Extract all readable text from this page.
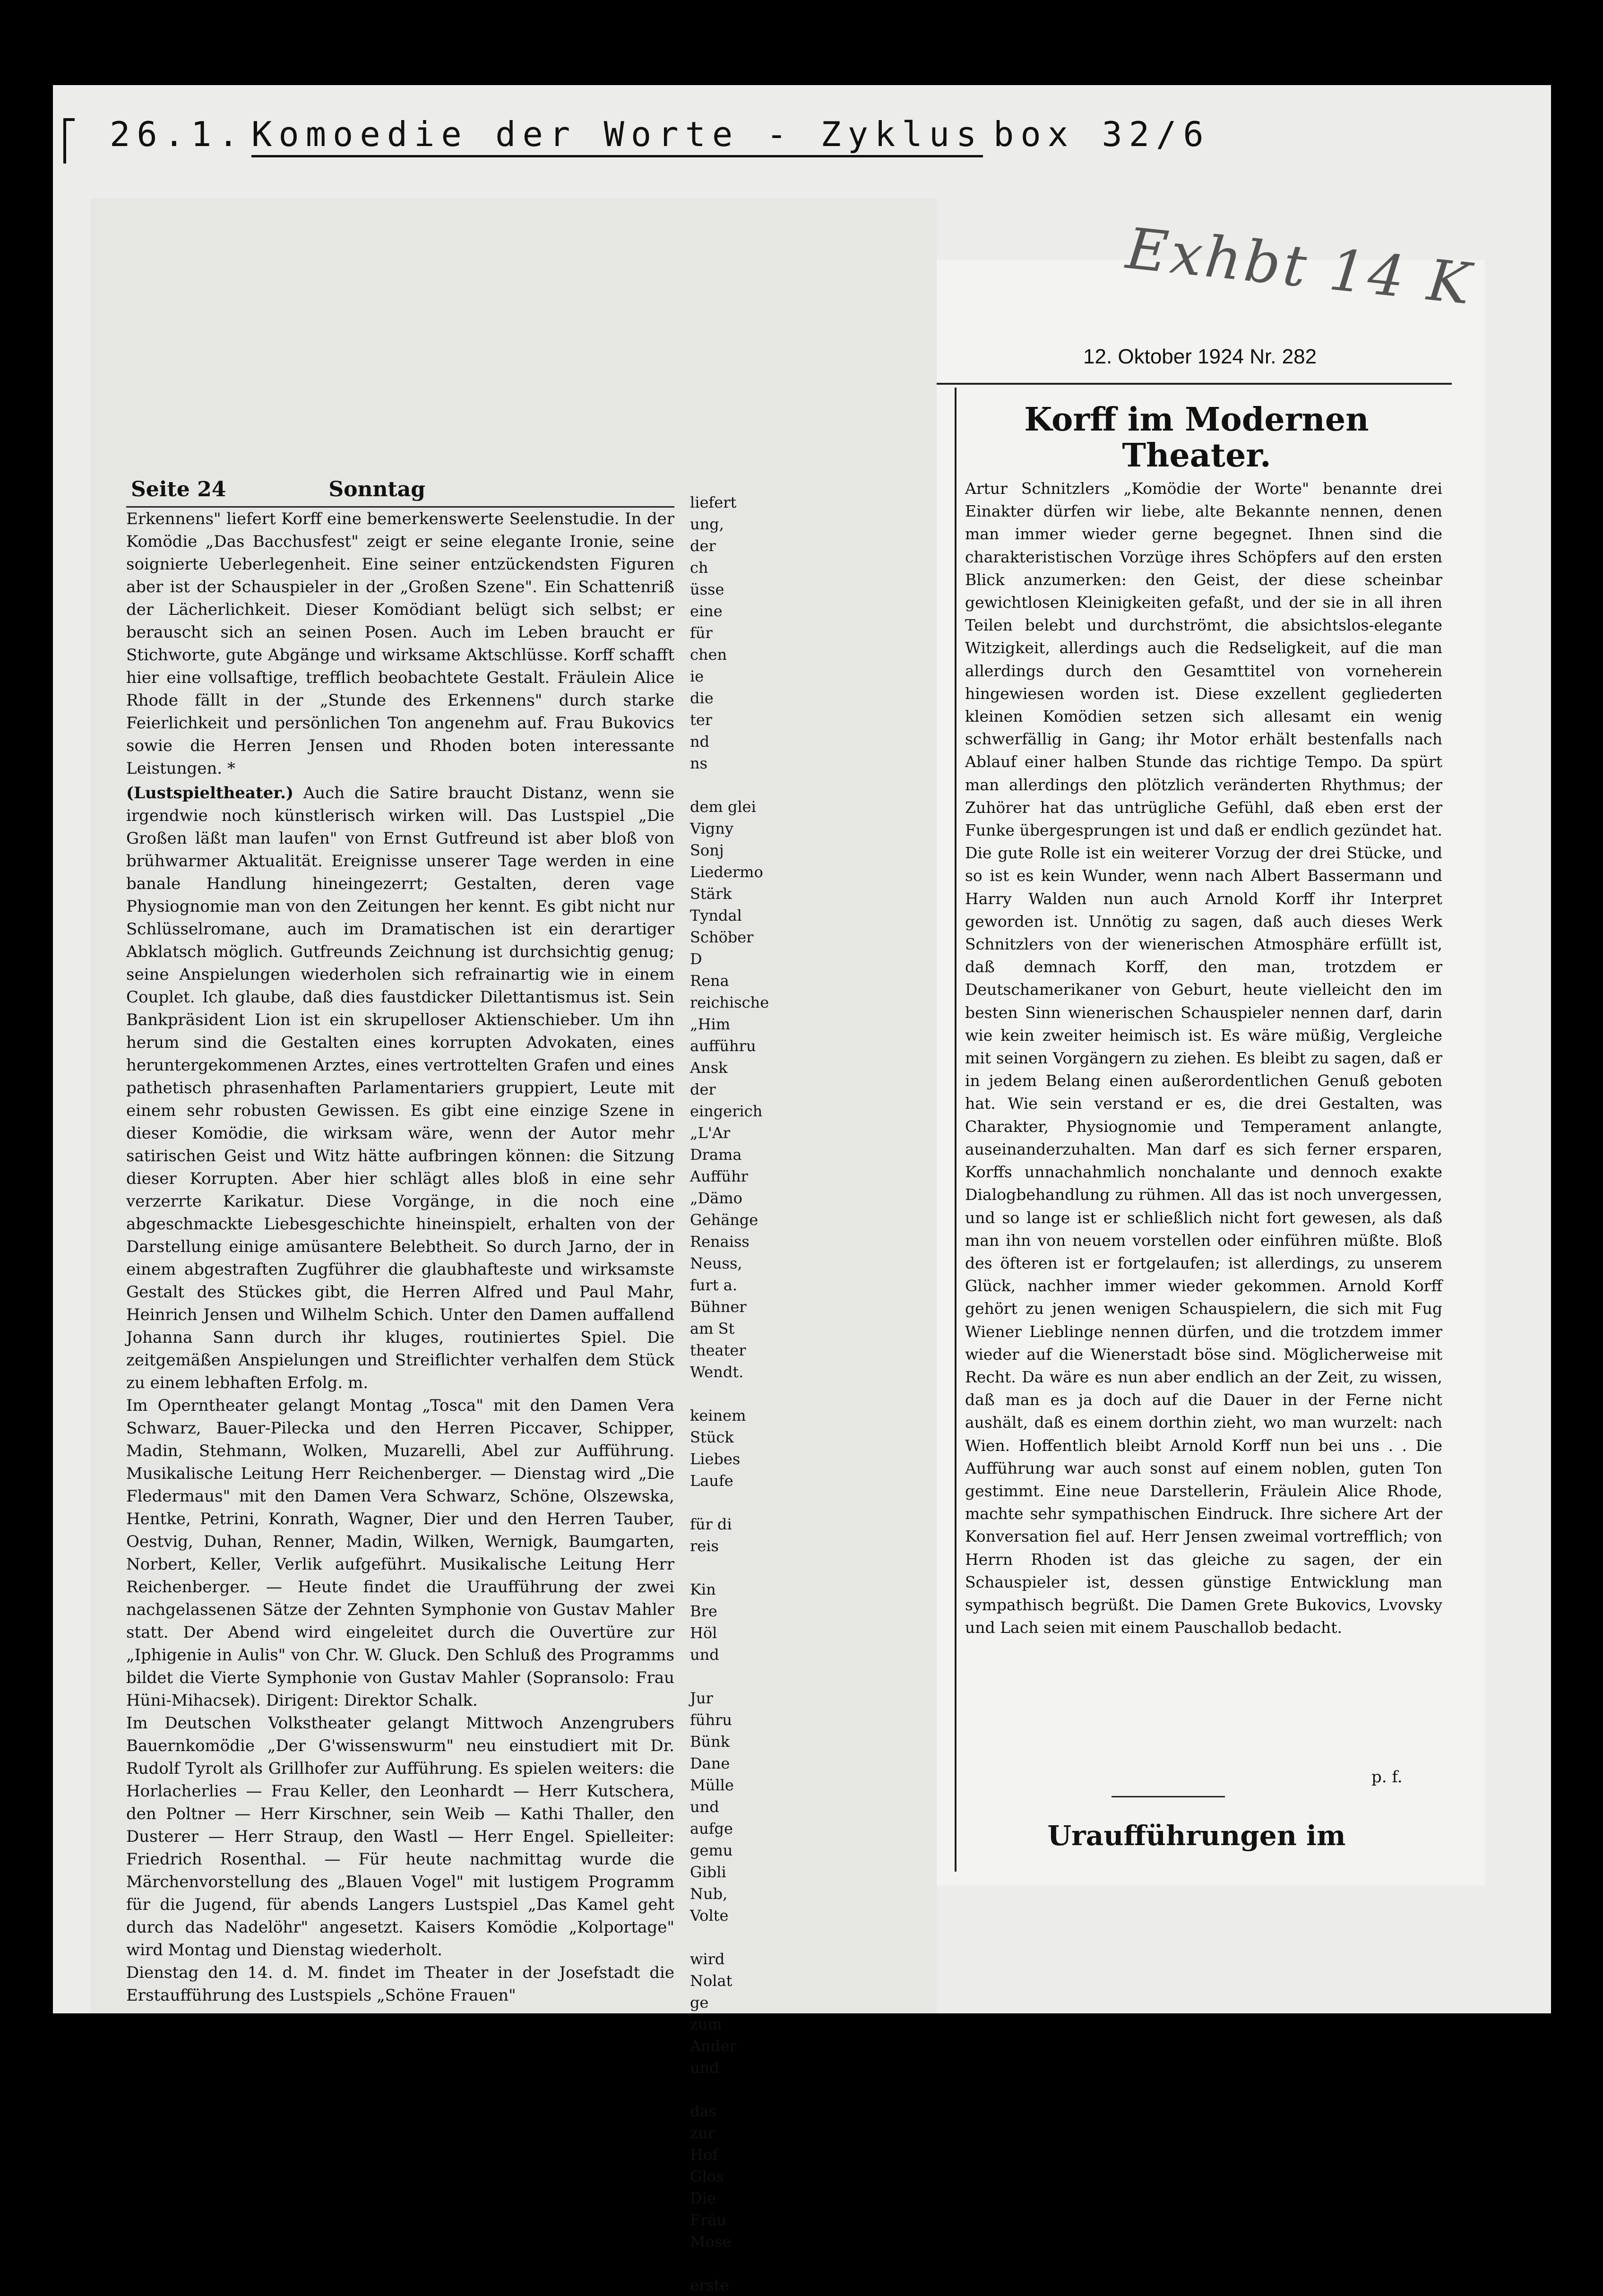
26.1. Komoedie der Worte - Zyklus box 32/6
Seite 24	Sonntag
Erkennens" liefert Korff eine bemerkenswerte Seelenstudie. In der Komödie „Das Bacchusfest" zeigt er seine elegante Ironie, seine soignierte Ueberlegenheit. Eine seiner entzückendsten Figuren aber ist der Schauspieler in der „Großen Szene". Ein Schattenriß der Lächerlichkeit. Dieser Komödiant belügt sich selbst; er berauscht sich an seinen Posen. Auch im Leben braucht er Stichworte, gute Abgänge und wirksame Aktschlüsse. Korff schafft hier eine vollsaftige, trefflich beobachtete Gestalt. Fräulein Alice Rhode fällt in der „Stunde des Erkennens" durch starke Feierlichkeit und persönlichen Ton angenehm auf. Frau Bukovics sowie die Herren Jensen und Rhoden boten interessante Leistungen. *
(Lustspieltheater.) Auch die Satire braucht Distanz, wenn sie irgendwie noch künstlerisch wirken will. Das Lustspiel „Die Großen läßt man laufen" von Ernst Gutfreund ist aber bloß von brühwarmer Aktualität. Ereignisse unserer Tage werden in eine banale Handlung hineingezerrt; Gestalten, deren vage Physiognomie man von den Zeitungen her kennt. Es gibt nicht nur Schlüsselromane, auch im Dramatischen ist ein derartiger Abklatsch möglich. Gutfreunds Zeichnung ist durchsichtig genug; seine Anspielungen wiederholen sich refrainartig wie in einem Couplet. Ich glaube, daß dies faustdicker Dilettantismus ist. Sein Bankpräsident Lion ist ein skrupelloser Aktienschieber. Um ihn herum sind die Gestalten eines korrupten Advokaten, eines heruntergekommenen Arztes, eines vertrottelten Grafen und eines pathetisch phrasenhaften Parlamentariers gruppiert, Leute mit einem sehr robusten Gewissen. Es gibt eine einzige Szene in dieser Komödie, die wirksam wäre, wenn der Autor mehr satirischen Geist und Witz hätte aufbringen können: die Sitzung dieser Korrupten. Aber hier schlägt alles bloß in eine sehr verzerrte Karikatur. Diese Vorgänge, in die noch eine abgeschmackte Liebesgeschichte hineinspielt, erhalten von der Darstellung einige amüsantere Belebtheit. So durch Jarno, der in einem abgestraften Zugführer die glaubhafteste und wirksamste Gestalt des Stückes gibt, die Herren Alfred und Paul Mahr, Heinrich Jensen und Wilhelm Schich. Unter den Damen auffallend Johanna Sann durch ihr kluges, routiniertes Spiel. Die zeitgemäßen Anspielungen und Streiflichter verhalfen dem Stück zu einem lebhaften Erfolg. m.
Im Operntheater gelangt Montag „Tosca" mit den Damen Vera Schwarz, Bauer-Pilecka und den Herren Piccaver, Schipper, Madin, Stehmann, Wolken, Muzarelli, Abel zur Aufführung. Musikalische Leitung Herr Reichenberger. — Dienstag wird „Die Fledermaus" mit den Damen Vera Schwarz, Schöne, Olszewska, Hentke, Petrini, Konrath, Wagner, Dier und den Herren Tauber, Oestvig, Duhan, Renner, Madin, Wilken, Wernigk, Baumgarten, Norbert, Keller, Verlik aufgeführt. Musikalische Leitung Herr Reichenberger. — Heute findet die Uraufführung der zwei nachgelassenen Sätze der Zehnten Symphonie von Gustav Mahler statt. Der Abend wird eingeleitet durch die Ouvertüre zur „Iphigenie in Aulis" von Chr. W. Gluck. Den Schluß des Programms bildet die Vierte Symphonie von Gustav Mahler (Sopransolo: Frau Hüni-Mihacsek). Dirigent: Direktor Schalk.
Im Deutschen Volkstheater gelangt Mittwoch Anzengrubers Bauernkomödie „Der G'wissenswurm" neu einstudiert mit Dr. Rudolf Tyrolt als Grillhofer zur Aufführung. Es spielen weiters: die Horlacherlies — Frau Keller, den Leonhardt — Herr Kutschera, den Poltner — Herr Kirschner, sein Weib — Kathi Thaller, den Dusterer — Herr Straup, den Wastl — Herr Engel. Spielleiter: Friedrich Rosenthal. — Für heute nachmittag wurde die Märchenvorstellung des „Blauen Vogel" mit lustigem Programm für die Jugend, für abends Langers Lustspiel „Das Kamel geht durch das Nadelöhr" angesetzt. Kaisers Komödie „Kolportage" wird Montag und Dienstag wiederholt.
Dienstag den 14. d. M. findet im Theater in der Josefstadt die Erstaufführung des Lustspiels „Schöne Frauen"
liefert
ung,
der
ch
üsse
eine
für
chen
ie
die
ter
nd
ns

dem glei
Vigny
Sonj
Liedermo
Stärk
Tyndal
Schöber
D
Rena
reichische
„Him
aufführu
Ansk
der
eingerich
„L'Ar
Drama
Aufführ
„Dämo
Gehänge
Renaiss
Neuss,
furt a.
Bühner
am St
theater
Wendt.

keinem
Stück
Liebes
Laufe

für di
reis

Kin
Bre
Höl
und

Jur
führu
Bünk
Dane
Mülle
und
aufge
gemu
Gibli
Nub,
Volte

wird
Nolat
ge
zum
Ander
und

das
zur
Hof
Glos
Die
Fräu
Mose

erste
Exhbt 14 K
12. Oktober 1924 Nr. 282
Korff im Modernen Theater.
Artur Schnitzlers „Komödie der Worte" benannte drei Einakter dürfen wir liebe, alte Bekannte nennen, denen man immer wieder gerne begegnet. Ihnen sind die charakteristischen Vorzüge ihres Schöpfers auf den ersten Blick anzumerken: den Geist, der diese scheinbar gewichtlosen Kleinigkeiten gefaßt, und der sie in all ihren Teilen belebt und durchströmt, die absichtslos-elegante Witzigkeit, allerdings auch die Redseligkeit, auf die man allerdings durch den Gesamttitel von vorneherein hingewiesen worden ist. Diese exzellent gegliederten kleinen Komödien setzen sich allesamt ein wenig schwerfällig in Gang; ihr Motor erhält bestenfalls nach Ablauf einer halben Stunde das richtige Tempo. Da spürt man allerdings den plötzlich veränderten Rhythmus; der Zuhörer hat das untrügliche Gefühl, daß eben erst der Funke übergesprungen ist und daß er endlich gezündet hat. Die gute Rolle ist ein weiterer Vorzug der drei Stücke, und so ist es kein Wunder, wenn nach Albert Bassermann und Harry Walden nun auch Arnold Korff ihr Interpret geworden ist. Unnötig zu sagen, daß auch dieses Werk Schnitzlers von der wienerischen Atmosphäre erfüllt ist, daß demnach Korff, den man, trotzdem er Deutschamerikaner von Geburt, heute vielleicht den im besten Sinn wienerischen Schauspieler nennen darf, darin wie kein zweiter heimisch ist. Es wäre müßig, Vergleiche mit seinen Vorgängern zu ziehen. Es bleibt zu sagen, daß er in jedem Belang einen außerordentlichen Genuß geboten hat. Wie sein verstand er es, die drei Gestalten, was Charakter, Physiognomie und Temperament anlangte, auseinanderzuhalten. Man darf es sich ferner ersparen, Korffs unnachahmlich nonchalante und dennoch exakte Dialogbehandlung zu rühmen. All das ist noch unvergessen, und so lange ist er schließlich nicht fort gewesen, als daß man ihn von neuem vorstellen oder einführen müßte. Bloß des öfteren ist er fortgelaufen; ist allerdings, zu unserem Glück, nachher immer wieder gekommen. Arnold Korff gehört zu jenen wenigen Schauspielern, die sich mit Fug Wiener Lieblinge nennen dürfen, und die trotzdem immer wieder auf die Wienerstadt böse sind. Möglicherweise mit Recht. Da wäre es nun aber endlich an der Zeit, zu wissen, daß man es ja doch auf die Dauer in der Ferne nicht aushält, daß es einem dorthin zieht, wo man wurzelt: nach Wien. Hoffentlich bleibt Arnold Korff nun bei uns . . Die Aufführung war auch sonst auf einem noblen, guten Ton gestimmt. Eine neue Darstellerin, Fräulein Alice Rhode, machte sehr sympathischen Eindruck. Ihre sichere Art der Konversation fiel auf. Herr Jensen zweimal vortrefflich; von Herrn Rhoden ist das gleiche zu sagen, der ein Schauspieler ist, dessen günstige Entwicklung man sympathisch begrüßt. Die Damen Grete Bukovics, Lvovsky und Lach seien mit einem Pauschallob bedacht.
p. f.
Uraufführungen im
